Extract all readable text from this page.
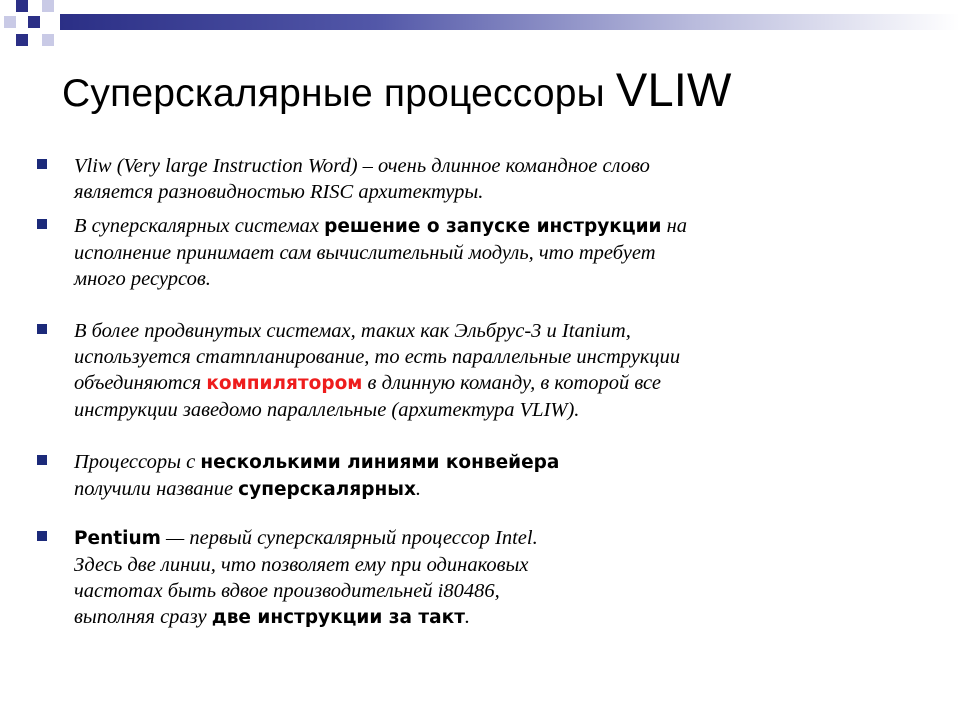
Суперскалярные процессоры VLIW
Vliw (Very large Instruction Word) – очень длинное командное слово
является разновидностью RISC архитектуры.
В суперскалярных системах решение о запуске инструкции на
исполнение принимает сам вычислительный модуль, что требует
много ресурсов.
В более продвинутых системах, таких как Эльбрус-3 и Itanium,
используется статпланирование, то есть параллельные инструкции
объединяются компилятором в длинную команду, в которой все
инструкции заведомо параллельные (архитектура VLIW).
Процессоры с несколькими линиями конвейера
получили название суперскалярных.
Pentium — первый суперскалярный процессор Intel.
Здесь две линии, что позволяет ему при одинаковых
частотах быть вдвое производительней i80486,
выполняя сразу две инструкции за такт.
